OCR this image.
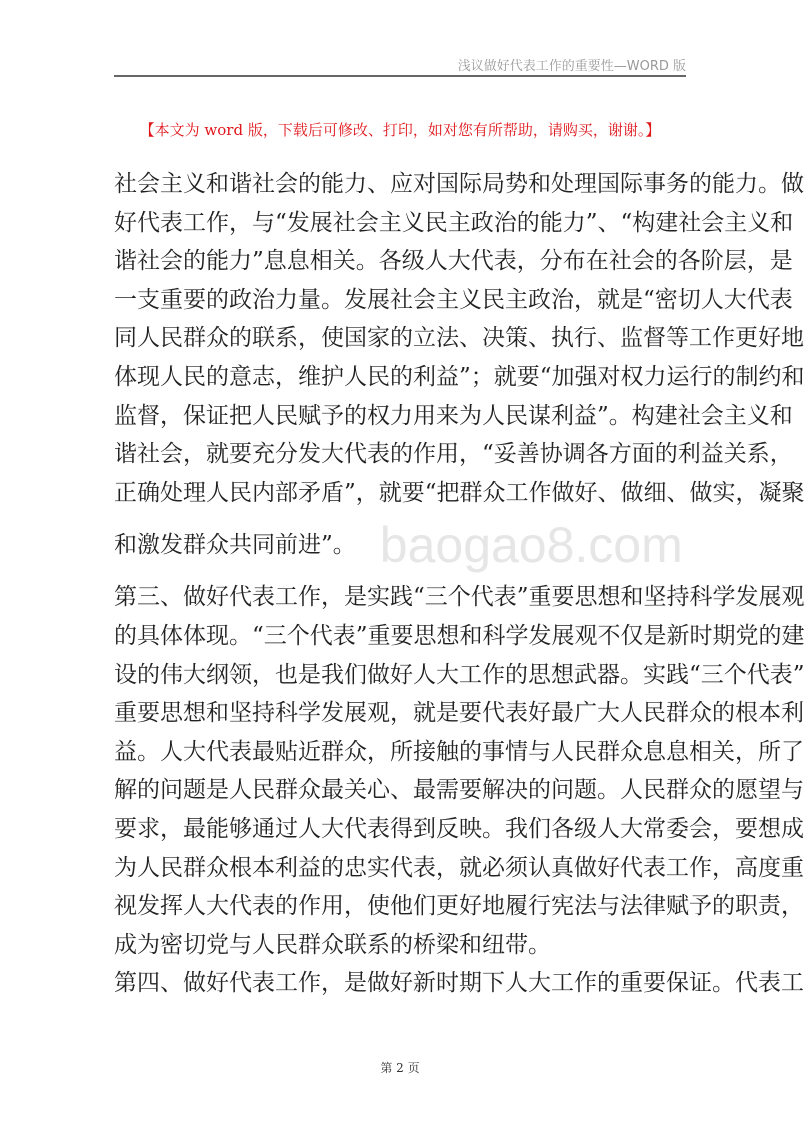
浅议做好代表工作的重要性—WORD 版
【本文为 word 版，下载后可修改、打印，如对您有所帮助，请购买，谢谢。】
社会主义和谐社会的能力、应对国际局势和处理国际事务的能力。做
好代表工作，与“发展社会主义民主政治的能力”、“构建社会主义和
谐社会的能力”息息相关。各级人大代表，分布在社会的各阶层，是
一支重要的政治力量。发展社会主义民主政治，就是“密切人大代表
同人民群众的联系，使国家的立法、决策、执行、监督等工作更好地
体现人民的意志，维护人民的利益”；就要“加强对权力运行的制约和
监督，保证把人民赋予的权力用来为人民谋利益”。构建社会主义和
谐社会，就要充分发大代表的作用，“妥善协调各方面的利益关系，
正确处理人民内部矛盾”，就要“把群众工作做好、做细、做实，凝聚
和激发群众共同前进”。 baogao8.com
第三、做好代表工作，是实践“三个代表”重要思想和坚持科学发展观
的具体体现。“三个代表”重要思想和科学发展观不仅是新时期党的建
设的伟大纲领，也是我们做好人大工作的思想武器。实践“三个代表”
重要思想和坚持科学发展观，就是要代表好最广大人民群众的根本利
益。人大代表最贴近群众，所接触的事情与人民群众息息相关，所了
解的问题是人民群众最关心、最需要解决的问题。人民群众的愿望与
要求，最能够通过人大代表得到反映。我们各级人大常委会，要想成
为人民群众根本利益的忠实代表，就必须认真做好代表工作，高度重
视发挥人大代表的作用，使他们更好地履行宪法与法律赋予的职责，
成为密切党与人民群众联系的桥梁和纽带。
第四、做好代表工作，是做好新时期下人大工作的重要保证。代表工
第 2 页
